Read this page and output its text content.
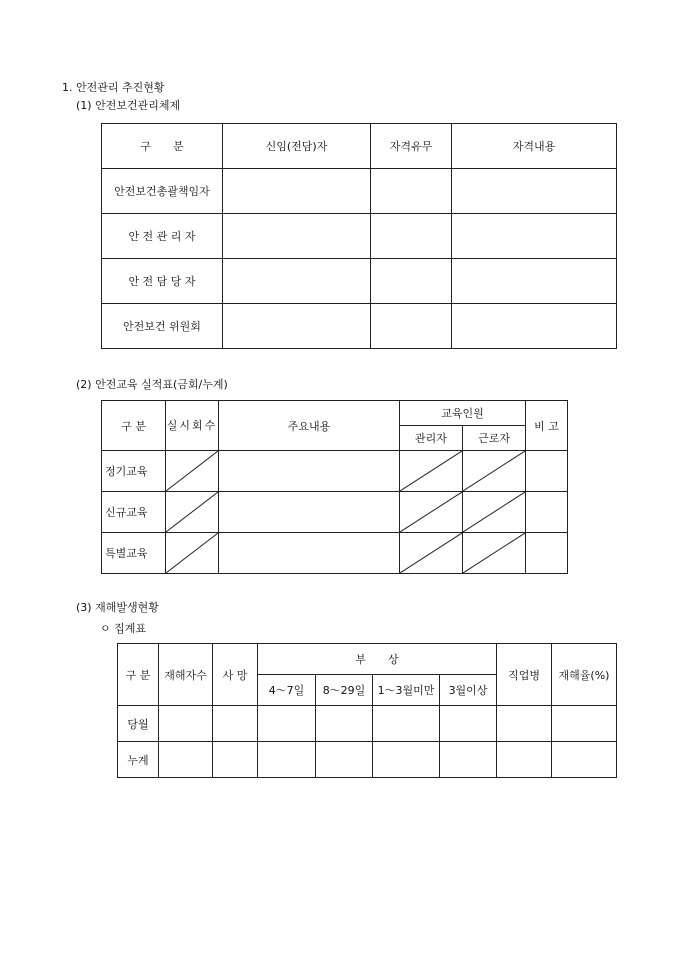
1. 안전관리 추진현황
(1) 안전보건관리체제
구　　분	신임(전담)자	자격유무	자격내용
안전보건총괄책임자			
안 전 관 리 자			
안 전 담 당 자			
안전보건 위원회			
(2) 안전교육 실적표(금회/누계)
구 분	실시회수	주요내용	교육인원		비 고
			관리자	근로자	
정기교육	

신규교육	

특별교육	

(3) 재해발생현황
ㅇ 집계표
구 분	재해자수	사 망	부　　상				직업병	재해율(%)
			4～7일	8～29일	1～3월미만	3월이상		
당월								
누계								
